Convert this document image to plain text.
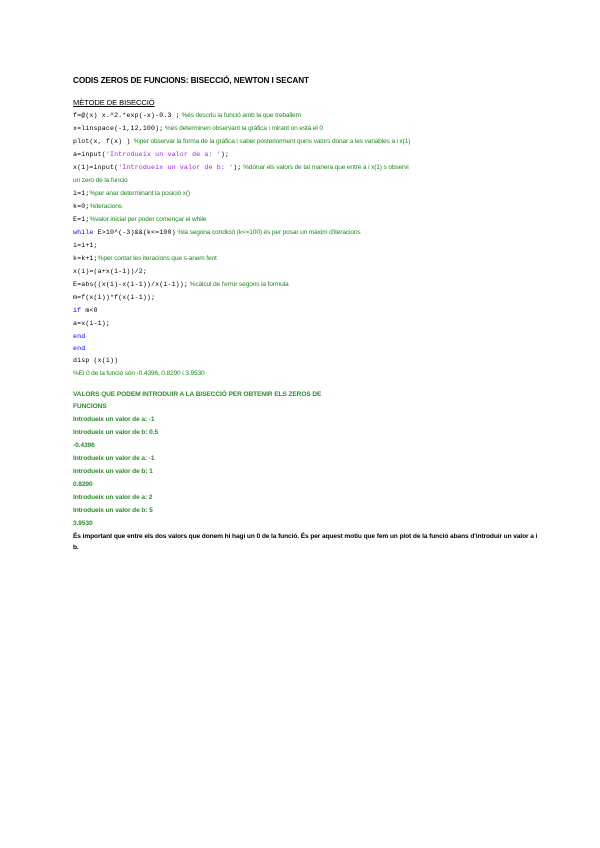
CODIS ZEROS DE FUNCIONS: BISECCIÓ, NEWTON I SECANT
MÈTODE DE BISECCIÓ
f=@(x) x.^2.*exp(-x)-0.3 ; %és descriu la funció amb la que treballem
x=linspace(-1,12,100); %és determinen observant la gràfica i mirant on està el 0
plot(x, f(x) )  %per observar la forma de la gràfica i saber posteriorment quins valors donar a les variables a i x(1)
a=input('Introdueix un valor de a: ');
x(1)=input('Introdueix un valor de b: '); %dónar els valors de tal manera que entre a i x(1) s observi
un zero de la funció
i=1;%per anar determinant la posició x()
k=0;%iteracions
E=1;%valor inicial per poder començar el while
while E>10^(-3)&&(k<=100) %la segona condició (k<=100) és per posar un màxim d'iteracions
i=i+1;
k=k+1;%per contar les iteracions que s-anem fent
x(i)=(a+x(i-1))/2;
E=abs((x(i)-x(i-1))/x(i-1)); %càlcul de l'error segons la formula
m=f(x(i))*f(x(i-1));
if m<0
a=x(i-1);
end
end
disp (x(i))
%El 0 de la funció són -0.4396, 0.8290 i 3.9530
VALORS QUE PODEM INTRODUIR A LA BISECCIÓ PER OBTENIR ELS ZEROS DE
FUNCIONS
Introdueix un valor de a: -1
Introdueix un valor de b: 0.5
-0.4396
Introdueix un valor de a: -1
Introdueix un valor de b: 1
0.8290
Introdueix un valor de a: 2
Introdueix un valor de b: 5
3.9530
És important que entre els dos valors que donem hi hagi un 0 de la funció. És per aquest motiu que fem un plot de la funció abans d'introduir un valor a i b.
